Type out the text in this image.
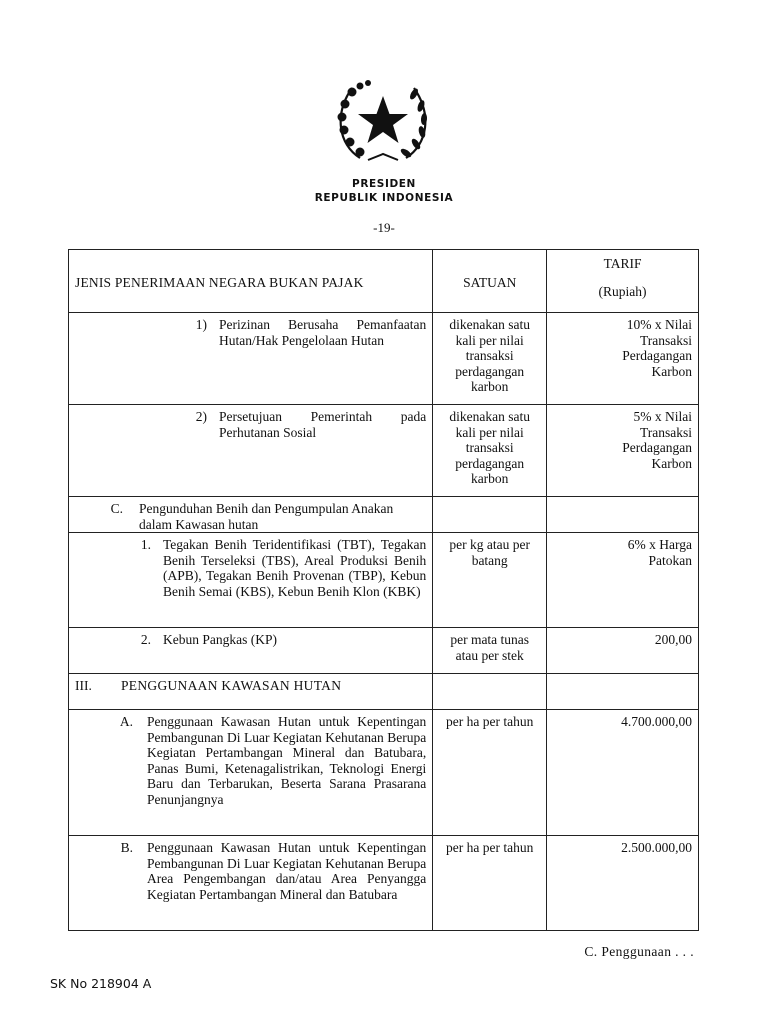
PRESIDEN
REPUBLIK INDONESIA
-19-
JENIS PENERIMAAN NEGARA BUKAN PAJAK	SATUAN	TARIF
(Rupiah)

1) Perizinan Berusaha Pemanfaatan Hutan/Hak Pengelolaan Hutan	dikenakan satu kali per nilai transaksi perdagangan karbon	10% x Nilai Transaksi Perdagangan Karbon

2) Persetujuan Pemerintah pada Perhutanan Sosial	dikenakan satu kali per nilai transaksi perdagangan karbon	5% x Nilai Transaksi Perdagangan Karbon

C. Pengunduhan Benih dan Pengumpulan Anakan dalam Kawasan hutan		

1. Tegakan Benih Teridentifikasi (TBT), Tegakan Benih Terseleksi (TBS), Areal Produksi Benih (APB), Tegakan Benih Provenan (TBP), Kebun Benih Semai (KBS), Kebun Benih Klon (KBK)	per kg atau per batang	6% x Harga Patokan

2. Kebun Pangkas (KP)	per mata tunas atau per stek	200,00

III. PENGGUNAAN KAWASAN HUTAN		

A. Penggunaan Kawasan Hutan untuk Kepentingan Pembangunan Di Luar Kegiatan Kehutanan Berupa Kegiatan Pertambangan Mineral dan Batubara, Panas Bumi, Ketenagalistrikan, Teknologi Energi Baru dan Terbarukan, Beserta Sarana Prasarana Penunjangnya	per ha per tahun	4.700.000,00

B. Penggunaan Kawasan Hutan untuk Kepentingan Pembangunan Di Luar Kegiatan Kehutanan Berupa Area Pengembangan dan/atau Area Penyangga Kegiatan Pertambangan Mineral dan Batubara	per ha per tahun	2.500.000,00
C. Penggunaan . . .
SK No 218904 A
